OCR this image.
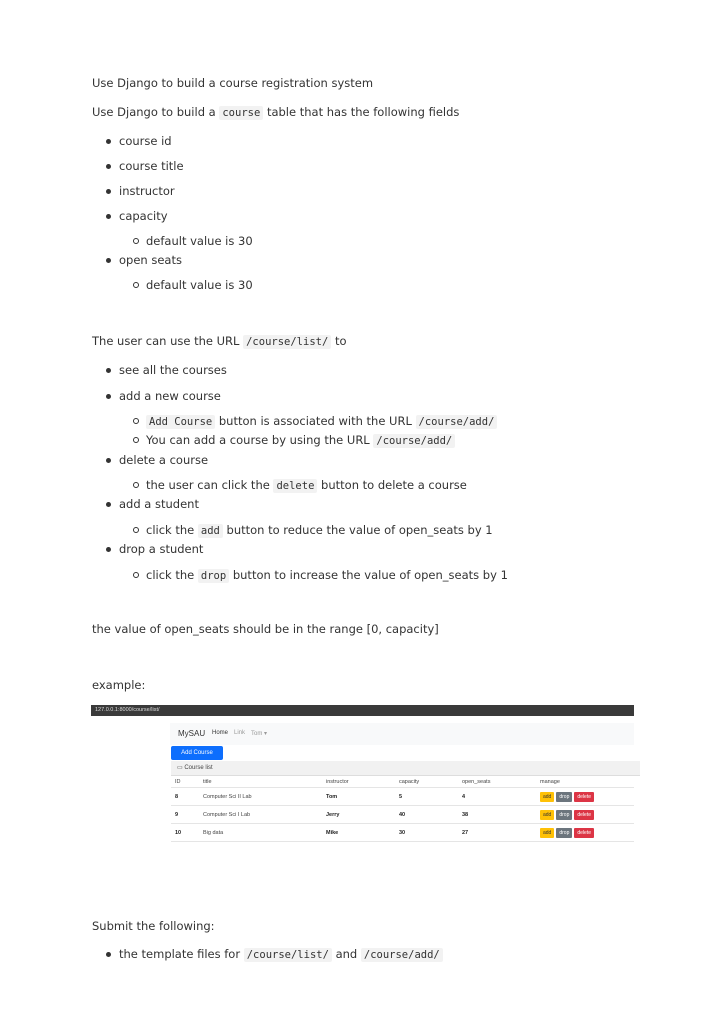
Use Django to build a course registration system
Use Django to build a course table that has the following fields
course id
course title
instructor
capacity
default value is 30
open seats
default value is 30
The user can use the URL /course/list/ to
see all the courses
add a new course
Add Course button is associated with the URL /course/add/
You can add a course by using the URL /course/add/
delete a course
the user can click the delete button to delete a course
add a student
click the add button to reduce the value of open_seats by 1
drop a student
click the drop button to increase the value of open_seats by 1
the value of open_seats should be in the range [0, capacity]
example:
127.0.0.1:8000/course/list/
MySAU Home Link Tom ▾
Add Course
▭ Course list
ID	title	instructor	capacity	open_seats	manage
8	Computer Sci II Lab	Tom	5	4	add drop delete
9	Computer Sci I Lab	Jerry	40	38	add drop delete
10	Big data	Mike	30	27	add drop delete
Submit the following:
the template files for /course/list/ and /course/add/
